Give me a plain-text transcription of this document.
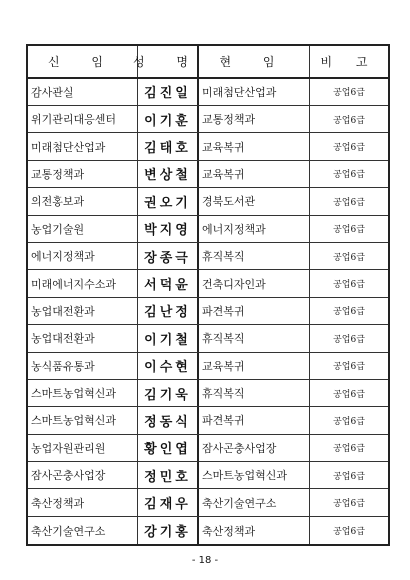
신 임	성 명	현 임	비 고
감사관실	김진일	미래첨단산업과	공업6급
위기관리대응센터	이기훈	교통정책과	공업6급
미래첨단산업과	김태호	교육복귀	공업6급
교통정책과	변상철	교육복귀	공업6급
의전홍보과	권오기	경북도서관	공업6급
농업기술원	박지영	에너지정책과	공업6급
에너지정책과	장종극	휴직복직	공업6급
미래에너지수소과	서덕윤	건축디자인과	공업6급
농업대전환과	김난정	파견복귀	공업6급
농업대전환과	이기철	휴직복직	공업6급
농식품유통과	이수현	교육복귀	공업6급
스마트농업혁신과	김기욱	휴직복직	공업6급
스마트농업혁신과	정동식	파견복귀	공업6급
농업자원관리원	황인엽	잠사곤충사업장	공업6급
잠사곤충사업장	정민호	스마트농업혁신과	공업6급
축산정책과	김재우	축산기술연구소	공업6급
축산기술연구소	강기홍	축산정책과	공업6급
- 18 -
